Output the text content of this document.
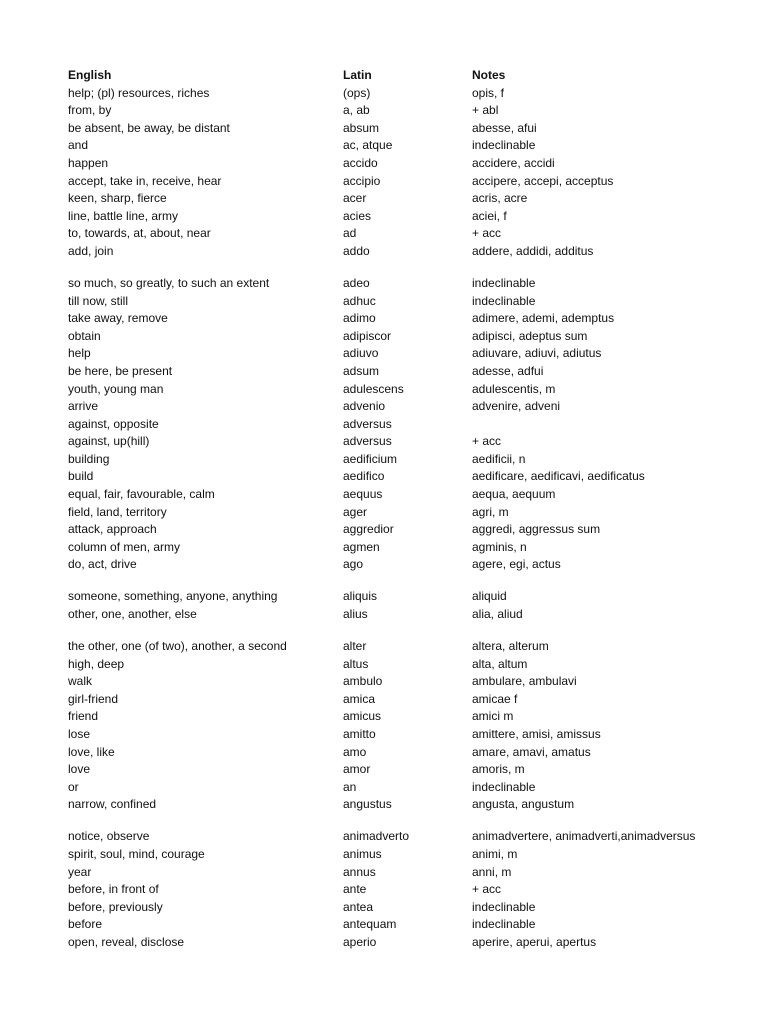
English	Latin	Notes
help; (pl) resources, riches	(ops)	opis, f
from, by	a, ab	+ abl
be absent, be away, be distant	absum	abesse, afui
and	ac, atque	indeclinable
happen	accido	accidere, accidi
accept, take in, receive, hear	accipio	accipere, accepi, acceptus
keen, sharp, fierce	acer	acris, acre
line, battle line, army	acies	aciei, f
to, towards, at, about, near	ad	+ acc
add, join	addo	addere, addidi, additus
so much, so greatly, to such an extent	adeo	indeclinable
till now, still	adhuc	indeclinable
take away, remove	adimo	adimere, ademi, ademptus
obtain	adipiscor	adipisci, adeptus sum
help	adiuvo	adiuvare, adiuvi, adiutus
be here, be present	adsum	adesse, adfui
youth, young man	adulescens	adulescentis, m
arrive	advenio	advenire, adveni
against, opposite	adversus
against, up(hill)	adversus	+ acc
building	aedificium	aedificii, n
build	aedifico	aedificare, aedificavi, aedificatus
equal, fair, favourable, calm	aequus	aequa, aequum
field, land, territory	ager	agri, m
attack, approach	aggredior	aggredi, aggressus sum
column of men, army	agmen	agminis, n
do, act, drive	ago	agere, egi, actus
someone, something, anyone, anything	aliquis	aliquid
other, one, another, else	alius	alia, aliud
the other, one (of two), another, a second	alter	altera, alterum
high, deep	altus	alta, altum
walk	ambulo	ambulare, ambulavi
girl-friend	amica	amicae f
friend	amicus	amici m
lose	amitto	amittere, amisi, amissus
love, like	amo	amare, amavi, amatus
love	amor	amoris, m
or	an	indeclinable
narrow, confined	angustus	angusta, angustum
notice, observe	animadverto	animadvertere, animadverti,animadversus
spirit, soul, mind, courage	animus	animi, m
year	annus	anni, m
before, in front of	ante	+ acc
before, previously	antea	indeclinable
before	antequam	indeclinable
open, reveal, disclose	aperio	aperire, aperui, apertus
